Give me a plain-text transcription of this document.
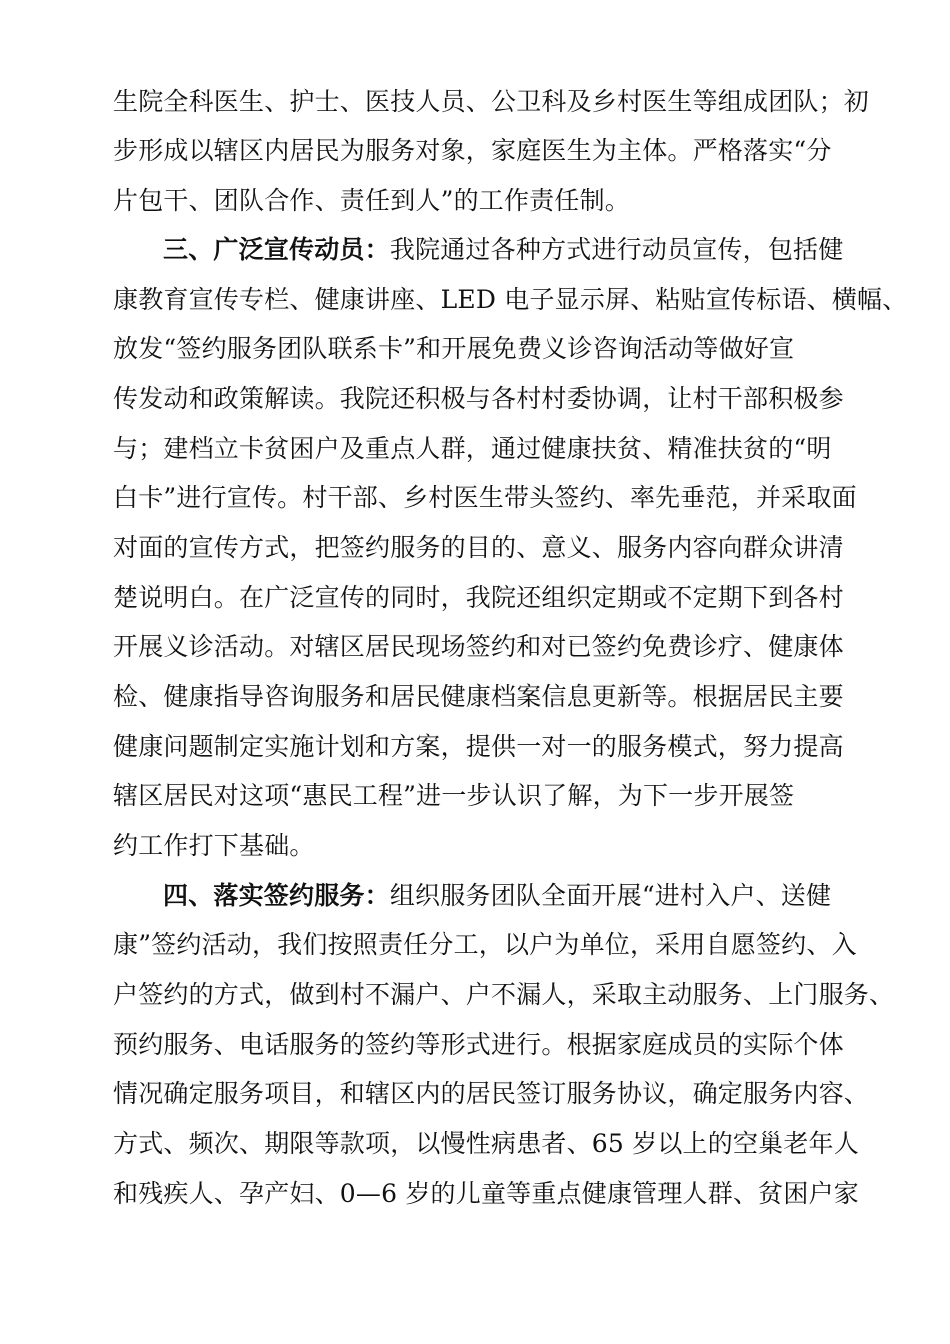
生院全科医生、护士、医技人员、公卫科及乡村医生等组成团队；初
步形成以辖区内居民为服务对象，家庭医生为主体。严格落实“分
片包干、团队合作、责任到人”的工作责任制。
三、广泛宣传动员：我院通过各种方式进行动员宣传，包括健
康教育宣传专栏、健康讲座、LED 电子显示屏、粘贴宣传标语、横幅、
放发“签约服务团队联系卡”和开展免费义诊咨询活动等做好宣
传发动和政策解读。我院还积极与各村村委协调，让村干部积极参
与；建档立卡贫困户及重点人群，通过健康扶贫、精准扶贫的“明
白卡”进行宣传。村干部、乡村医生带头签约、率先垂范，并采取面
对面的宣传方式，把签约服务的目的、意义、服务内容向群众讲清
楚说明白。在广泛宣传的同时，我院还组织定期或不定期下到各村
开展义诊活动。对辖区居民现场签约和对已签约免费诊疗、健康体
检、健康指导咨询服务和居民健康档案信息更新等。根据居民主要
健康问题制定实施计划和方案，提供一对一的服务模式，努力提高
辖区居民对这项“惠民工程”进一步认识了解，为下一步开展签
约工作打下基础。
四、落实签约服务：组织服务团队全面开展“进村入户、送健
康”签约活动，我们按照责任分工，以户为单位，采用自愿签约、入
户签约的方式，做到村不漏户、户不漏人，采取主动服务、上门服务、
预约服务、电话服务的签约等形式进行。根据家庭成员的实际个体
情况确定服务项目，和辖区内的居民签订服务协议，确定服务内容、
方式、频次、期限等款项，以慢性病患者、65 岁以上的空巢老年人
和残疾人、孕产妇、0—6 岁的儿童等重点健康管理人群、贫困户家
